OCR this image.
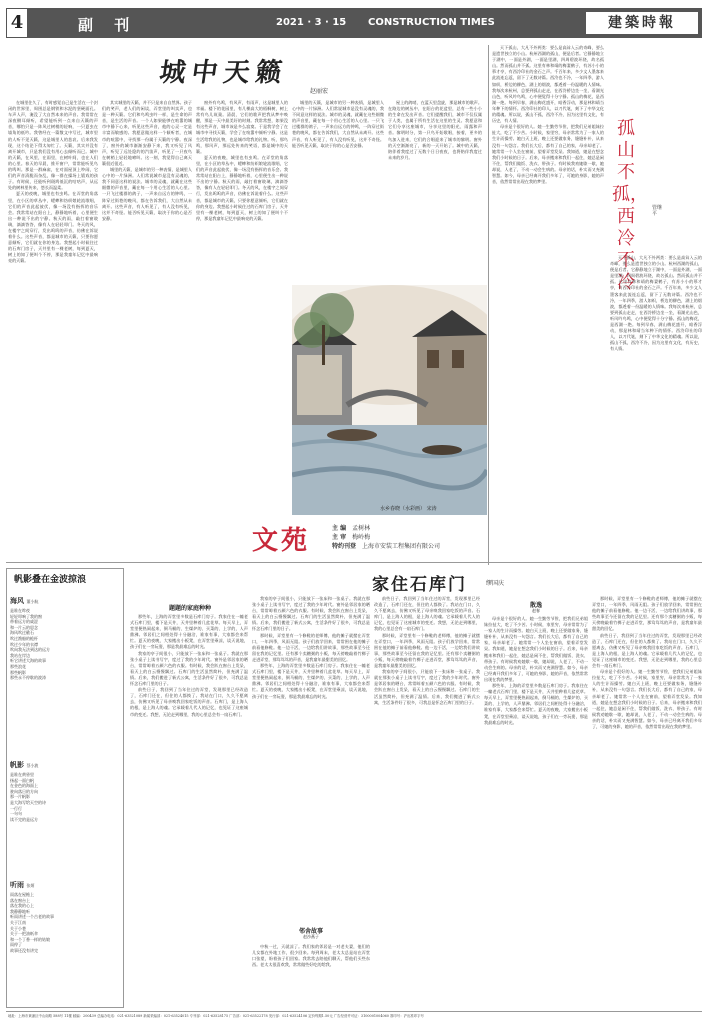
4	副 刊	2021 · 3 · 15 CONSTRUCTION TIMES	建築時報
城中天籁
赵丽宏

在城里住久了，有时感觉自己是生活在一个封闭的世界里，周围总是钢铁和水泥的坚硬面孔。车声人声，淹没了大自然本来的声音。我常常在深夜侧耳倾听，希望能听到一点来自天籁的声音，哪怕只是一阵风过树梢的轻响，一只夏虫在墙角的低吟。我曾经在一篇散文中写过，城市里的人听不见天籁，这是城里人的悲哀。后来我发现，这个结论下得太匆忙了。天籁，其实并没有离开城市，只是我们没有用心去倾听而已。城中的天籁，在风里，在雨里，在树叶间，也在人们的心里。春天的早晨，推开窗户，常常能听见鸟的鸣叫。那是一群麻雀，在对面屋顶上吵闹，它们的声音清脆而杂乱，像一群在操场上嬉戏的孩子。有时候，还能听到斑鸠低沉的咕咕声，从远处的树林里传来，悠长而温柔。

夏天的夜晚，城里也有虫鸣。在弄堂的角落里，在小区的草丛中，蟋蟀和纺织娘轮流歌唱，它们的声音此起彼伏，像一场没有指挥的音乐会。我常常站在阳台上，静静地听着，心里便生出一种说不出的宁静。秋天的雨，敲打着窗玻璃，滴滴答答，像有人在轻轻叩门。冬天的风，在楼宇之间穿行，发出呜呜的声音，仿佛在诉说着什么。这些声音，都是城市的天籁，只要你愿意倾听，它们就在你的身边。我想起小时候住过的石库门房子，天井里有一棵老树，每到夏天，树上的知了便叫个不停，那是我童年记忆中最响亮的天籁。

其实城里的天籁，并不只是来自自然界。孩子们的笑声，老人们的闲谈，弄堂里的叫卖声，也是一种天籁。它们和鸟鸣虫吟一样，是生命的声音，是生活的声音。一个人如果能够在喧嚣的城市中静下心来，听见这些声音，他的心灵一定是丰富而敏感的。我愿意做这样一个倾听者，在城市的喧嚣中，寻找那一份属于天籁的宁静。夜深了，窗外的城市渐渐安静下来，我又听见了风声，听见了远处隐约的汽笛声，听见了一只夜鸟在树梢上轻轻地啼叫。这一刻，我觉得自己离天籁很近很近。

城里的天籁，是城市的另一种表情，是城里人心中的一片绿洲。人们常说城市是没有灵魂的，我不同意这样的说法。城市的灵魂，就藏在这些细微的声音里，藏在每一个用心生活的人心里。一只飞过楼群的鸽子，一声来自远方的钟鸣，一阵穿过街巷的晚风，都在告诉我们，大自然从未离开。这些声音，有人听见了，有人没有听见，这并不奇怪。能否听见天籁，取决于你的心是否安静。

窗外有鸟鸣，有风声，有雨声，这是城里人的幸福。楼下的花园里，有几棵高大的梧桐树，树上常有鸟儿筑巢。清晨，它们的歌声把我从梦中唤醒，那是一天中最美好的时刻。我常常想，如果没有这些声音，城市该是多么寂寞。于是我学会了在城市中寻找天籁，学会了在喧嚣中倾听宁静。这是生活给我的礼物，也是城市给我的礼物。听，那鸟鸣，那风声，那远处传来的笑语，都是城中的天籁。

夏天的夜晚，城里也有虫鸣。在弄堂的角落里，在小区的草丛中，蟋蟀和纺织娘轮流歌唱，它们的声音此起彼伏，像一场没有指挥的音乐会。我常常站在阳台上，静静地听着，心里便生出一种说不出的宁静。秋天的雨，敲打着窗玻璃，滴滴答答，像有人在轻轻叩门。冬天的风，在楼宇之间穿行，发出呜呜的声音，仿佛在诉说着什么。这些声音，都是城市的天籁，只要你愿意倾听，它们就在你的身边。我想起小时候住过的石库门房子，天井里有一棵老树，每到夏天，树上的知了便叫个不停，那是我童年记忆中最响亮的天籁。

城里的天籁，是城市的另一种表情，是城里人心中的一片绿洲。人们常说城市是没有灵魂的，我不同意这样的说法。城市的灵魂，就藏在这些细微的声音里，藏在每一个用心生活的人心里。一只飞过楼群的鸽子，一声来自远方的钟鸣，一阵穿过街巷的晚风，都在告诉我们，大自然从未离开。这些声音，有人听见了，有人没有听见，这并不奇怪。能否听见天籁，取决于你的心是否安静。

屋上的鸽哨，在蓝天里盘旋，那是城市的歌声。在路边的树丛中，在阳台的花盆里，总有一些小小的生命在发出声音。它们提醒我们，城市不仅仅属于人类，也属于所有生活在这里的生灵。我愿意和它们分享这座城市，分享这里的阳光、雨露和声音。黎明时分，第一只鸟开始歌唱，接着，更多的鸟加入进来，它们的合唱迎来了城市的黎明。窗外的天空渐渐亮了，新的一天开始了。城中的天籁，陪伴着我度过了无数个日日夜夜，也将陪伴我度过未来的岁月。

水乡春晓（水彩画） 宋涛
文苑	主 编　 孟树林
主 审　 梅岭梅
特约刊登　 上海市安装工程集团有限公司

天下孤山，大凡不外两类：要么是高耸入云的奇峰，要么是遗世独立的小山。杭州西湖的孤山，便是后者。它静静地立于湖中，一面是外湖，一面是里湖，四周碧波环绕，故名孤山。然而孤山并不孤。这里有林和靖的梅妻鹤子，有苏小小的慕才亭，有西泠印社的金石之声。千百年来，多少文人墨客来此流连忘返，留下了无数诗篇。西泠也不冷，一年四季，游人如织，桥边的柳色，湖上的烟波，都透着一份温暖的人情味。我每次来杭州，总要到孤山走走，在西泠桥边坐一坐，看湖光山色，听风吟鸟鸣，心中便觉得十分宁静。孤山的梅花，是西湖一绝。每到早春，满山梅花盛开，暗香浮动，那是林和靖当年种下的情怀。西泠印社的印人，以刀代笔，刻下了中华文化的精魂。所以说，孤山不孤，西泠不冷，因为这里有文化，有历史，有人情。

母亲是个很好的人。她一生勤劳节俭，把我们兄弟姐妹拉扯大，吃了不少苦。小时候，家里穷，母亲常常为了一家人的生计而操劳。她白天上班，晚上还要做家务，缝缝补补，从来没有一句怨言。我们长大后，都有了自己的家，母亲却老了。她常常一个人坐在窗前，望着弄堂发呆。我知道，她是在想念我们小时候的日子。后来，母亲搬来和我们一起住，她总是闲不住，帮我们做饭、洗衣、带孩子。有时候我劝她歇一歇，她却说，人老了，不动一动会生病的。母亲的话，朴实而又充满智慧。如今，母亲已经离开我们多年了，可她的身影，她的声音，依然常常出现在我的梦里。

孤山不孤，西冷不冷
管继平

天下孤山，大凡不外两类：要么是高耸入云的奇峰，要么是遗世独立的小山。杭州西湖的孤山，便是后者。它静静地立于湖中，一面是外湖，一面是里湖，四周碧波环绕，故名孤山。然而孤山并不孤。这里有林和靖的梅妻鹤子，有苏小小的慕才亭，有西泠印社的金石之声。千百年来，多少文人墨客来此流连忘返，留下了无数诗篇。西泠也不冷，一年四季，游人如织，桥边的柳色，湖上的烟波，都透着一份温暖的人情味。我每次来杭州，总要到孤山走走，在西泠桥边坐一坐，看湖光山色，听风吟鸟鸣，心中便觉得十分宁静。孤山的梅花，是西湖一绝。每到早春，满山梅花盛开，暗香浮动，那是林和靖当年种下的情怀。西泠印社的印人，以刀代笔，刻下了中华文化的精魂。所以说，孤山不孤，西泠不冷，因为这里有文化，有历史，有人情。

帆影叠在金波掠浪
海风 董小航
是谁在昨夜
轻轻叩响了我的窗
带着远方的咸涩
和一片云的思念
海风吹过礁石
吹过渔船的桅杆
吹过少年的衣襟
吹向我无法到达的远方
我站在岸边
听它讲述大海的故事
那些浪花
那些帆影
那些永不停歇的波涛
帆影 蔡小波
是谁在黄昏里
扬起一面白帆
在金色的海面上
驶向落日的方向
那一片帆影
是大海写给天空的诗
一行行
一句句
读不完的是远方
听雨 张炳
雨落在屋檐上
落在窗台上
落在我的心上
我静静地听
听雨讲述一个古老的故事
关于江南
关于小巷
关于一把油纸伞
和一个丁香一样的姑娘
雨停了
故事还没有讲完
家住石库门	缪国庆
题题的家庭种种

那些年，上海的弄堂里多数是石库门房子。我家住在一幢老式石库门里，楼下是天井，天井里种着几盆花草。每天早上，弄堂里便热闹起来，倒马桶的、生煤炉的、买菜的、上学的，人声鼎沸。邻居们之间相处得十分融洽，谁家有事，大家都会来帮忙。夏天的夜晚，大家搬出小板凳，在弄堂里乘凉，谈天说地，孩子们在一旁玩耍，那是我最难忘的时光。

我家的亭子间很小，只能放下一张床和一张桌子。我就在那张小桌子上读书写字，度过了我的少年时代。窗外是邻居家的晒台，常常晾着五颜六色的衣服。有时候，我会趴在窗台上发呆，看天上的白云慢慢飘过。石库门的生活虽然简朴，但充满了温情。后来，我们搬进了新式公寓，生活条件好了很多，可我总是怀念石库门里的日子。

前些日子，我回到了当年住过的弄堂，发现那里已经改造了，石库门还在，但住的人都换了。我站在门口，久久不愿离去，仿佛又听见了母亲唤我回家吃饭的声音。石库门，是上海人的根，是上海人的魂。它承载着几代人的记忆，也见证了这座城市的变迁。我想，无论走到哪里，我的心里总会有一扇石库门。

我家的亭子间很小，只能放下一张床和一张桌子。我就在那张小桌子上读书写字，度过了我的少年时代。窗外是邻居家的晒台，常常晾着五颜六色的衣服。有时候，我会趴在窗台上发呆，看天上的白云慢慢飘过。石库门的生活虽然简朴，但充满了温情。后来，我们搬进了新式公寓，生活条件好了很多，可我总是怀念石库门里的日子。

那时候，弄堂里有一个修鞋的老师傅，他的摊子就摆在弄堂口，一年四季，风雨无阻。孩子们放学回来，常常围在他的摊子前看他修鞋。他一边干活，一边给我们讲故事，那些故事至今还留在我的记忆里。还有那个卖糖粥的小贩，每天傍晚敲着竹梆子走进弄堂，那笃笃笃的声音，是我童年最甜美的回忆。

那些年，上海的弄堂里多数是石库门房子。我家住在一幢老式石库门里，楼下是天井，天井里种着几盆花草。每天早上，弄堂里便热闹起来，倒马桶的、生煤炉的、买菜的、上学的，人声鼎沸。邻居们之间相处得十分融洽，谁家有事，大家都会来帮忙。夏天的夜晚，大家搬出小板凳，在弄堂里乘凉，谈天说地，孩子们在一旁玩耍，那是我最难忘的时光。

邻舍故事
赵沙燕子

中秋一过，天就凉了。我们家的邻居是一对老夫妻，他们的儿女都在外地工作，很少回来。每到周末，老太太总是站在弄堂口张望，盼着孩子们回家。我常常去陪他们聊天，帮他们买些东西。老太太很喜欢我，常常做些好吃的给我。

前些日子，我回到了当年住过的弄堂，发现那里已经改造了，石库门还在，但住的人都换了。我站在门口，久久不愿离去，仿佛又听见了母亲唤我回家吃饭的声音。石库门，是上海人的根，是上海人的魂。它承载着几代人的记忆，也见证了这座城市的变迁。我想，无论走到哪里，我的心里总会有一扇石库门。

那时候，弄堂里有一个修鞋的老师傅，他的摊子就摆在弄堂口，一年四季，风雨无阻。孩子们放学回来，常常围在他的摊子前看他修鞋。他一边干活，一边给我们讲故事，那些故事至今还留在我的记忆里。还有那个卖糖粥的小贩，每天傍晚敲着竹梆子走进弄堂，那笃笃笃的声音，是我童年最甜美的回忆。

我家的亭子间很小，只能放下一张床和一张桌子。我就在那张小桌子上读书写字，度过了我的少年时代。窗外是邻居家的晒台，常常晾着五颜六色的衣服。有时候，我会趴在窗台上发呆，看天上的白云慢慢飘过。石库门的生活虽然简朴，但充满了温情。后来，我们搬进了新式公寓，生活条件好了很多，可我总是怀念石库门里的日子。

散逸
赵春

母亲是个很好的人。她一生勤劳节俭，把我们兄弟姐妹拉扯大，吃了不少苦。小时候，家里穷，母亲常常为了一家人的生计而操劳。她白天上班，晚上还要做家务，缝缝补补，从来没有一句怨言。我们长大后，都有了自己的家，母亲却老了。她常常一个人坐在窗前，望着弄堂发呆。我知道，她是在想念我们小时候的日子。后来，母亲搬来和我们一起住，她总是闲不住，帮我们做饭、洗衣、带孩子。有时候我劝她歇一歇，她却说，人老了，不动一动会生病的。母亲的话，朴实而又充满智慧。如今，母亲已经离开我们多年了，可她的身影，她的声音，依然常常出现在我的梦里。

那些年，上海的弄堂里多数是石库门房子。我家住在一幢老式石库门里，楼下是天井，天井里种着几盆花草。每天早上，弄堂里便热闹起来，倒马桶的、生煤炉的、买菜的、上学的，人声鼎沸。邻居们之间相处得十分融洽，谁家有事，大家都会来帮忙。夏天的夜晚，大家搬出小板凳，在弄堂里乘凉，谈天说地，孩子们在一旁玩耍，那是我最难忘的时光。

那时候，弄堂里有一个修鞋的老师傅，他的摊子就摆在弄堂口，一年四季，风雨无阻。孩子们放学回来，常常围在他的摊子前看他修鞋。他一边干活，一边给我们讲故事，那些故事至今还留在我的记忆里。还有那个卖糖粥的小贩，每天傍晚敲着竹梆子走进弄堂，那笃笃笃的声音，是我童年最甜美的回忆。

前些日子，我回到了当年住过的弄堂，发现那里已经改造了，石库门还在，但住的人都换了。我站在门口，久久不愿离去，仿佛又听见了母亲唤我回家吃饭的声音。石库门，是上海人的根，是上海人的魂。它承载着几代人的记忆，也见证了这座城市的变迁。我想，无论走到哪里，我的心里总会有一扇石库门。

母亲是个很好的人。她一生勤劳节俭，把我们兄弟姐妹拉扯大，吃了不少苦。小时候，家里穷，母亲常常为了一家人的生计而操劳。她白天上班，晚上还要做家务，缝缝补补，从来没有一句怨言。我们长大后，都有了自己的家，母亲却老了。她常常一个人坐在窗前，望着弄堂发呆。我知道，她是在想念我们小时候的日子。后来，母亲搬来和我们一起住，她总是闲不住，帮我们做饭、洗衣、带孩子。有时候我劝她歇一歇，她却说，人老了，不动一动会生病的。母亲的话，朴实而又充满智慧。如今，母亲已经离开我们多年了，可她的身影，她的声音，依然常常出现在我的梦里。

地址：上海市黄浦区中山南路 588号 11楼 邮编：200439 总编办电话：021-63521089 新闻采编部：021-63524015 专刊部：021-63528175 广告部：021-63522178 发行部：021-63524106 定价每期1.50元 广告经营许可证：3100001004060 准印号：沪出准印字号
